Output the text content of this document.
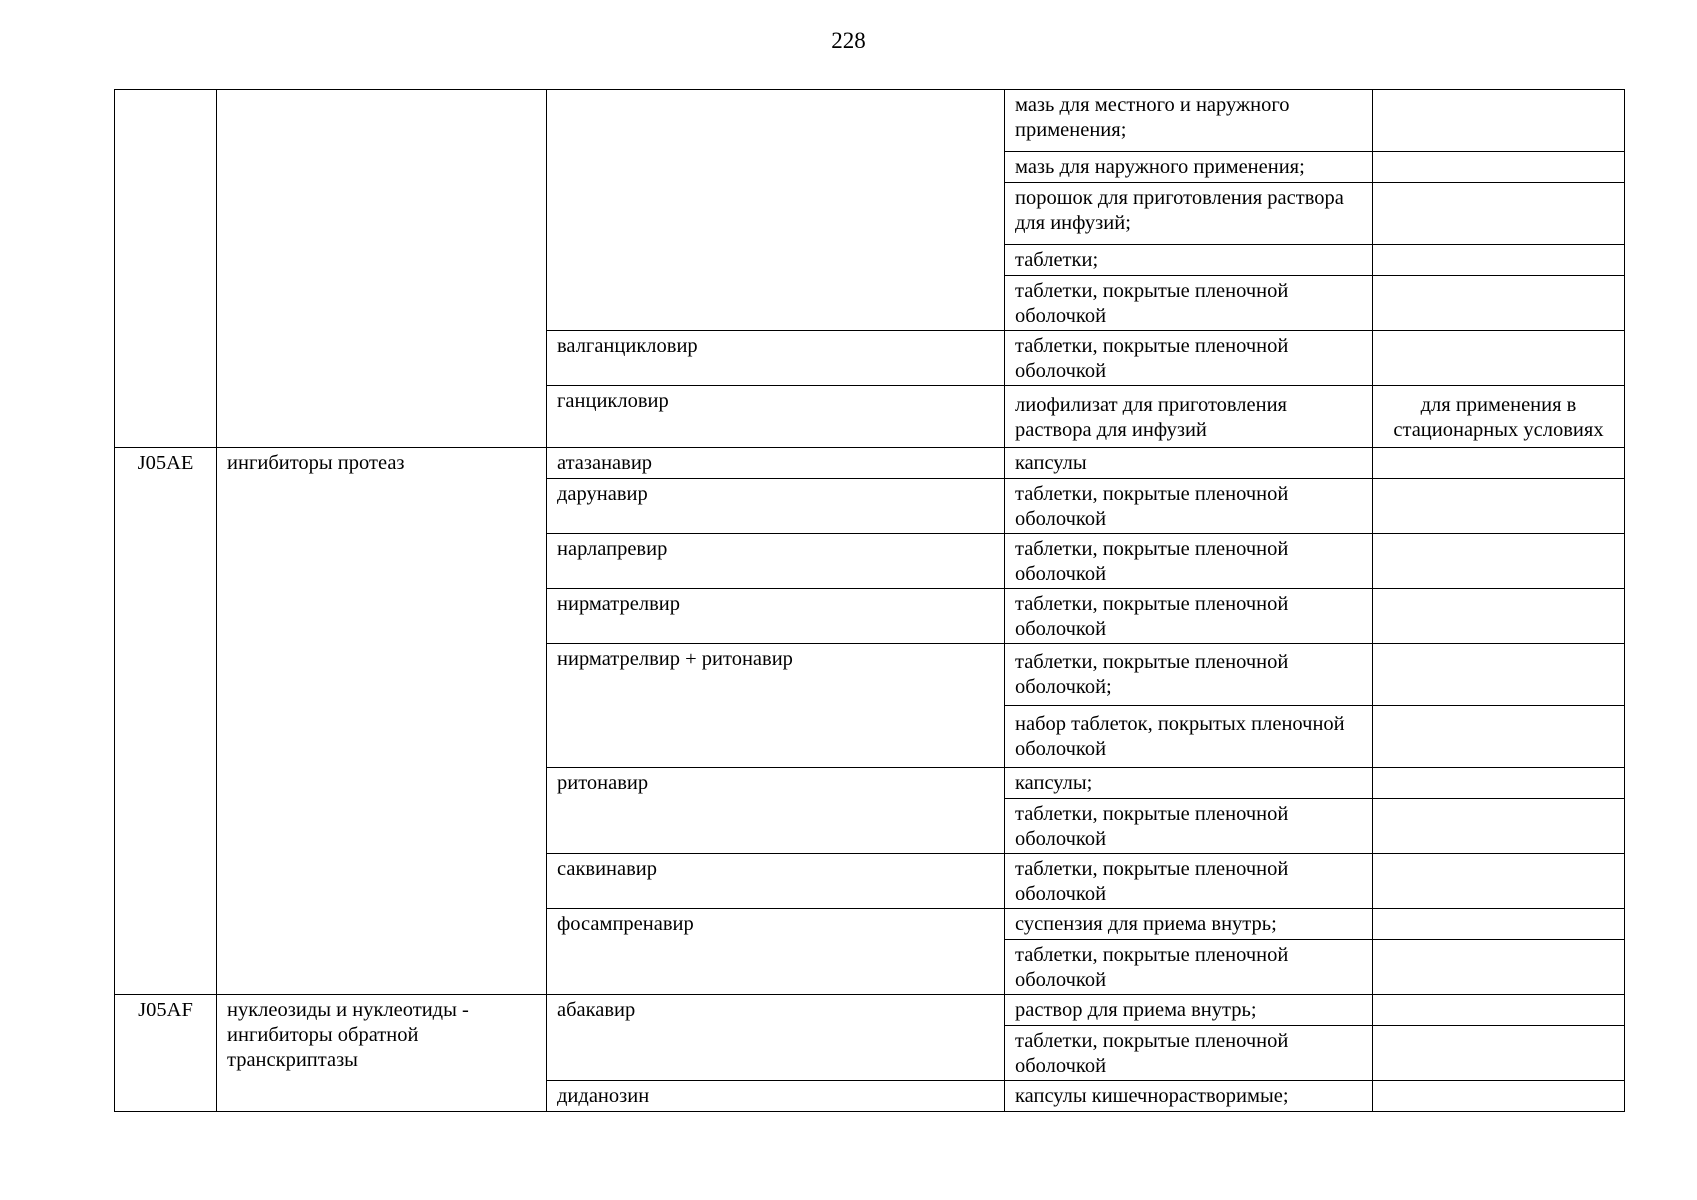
228
			мазь для местного и наружного применения;	
			мазь для наружного применения;	
			порошок для приготовления раствора для инфузий;	
			таблетки;	
			таблетки, покрытые пленочной оболочкой	
		валганцикловир	таблетки, покрытые пленочной оболочкой	
		ганцикловир	лиофилизат для приготовления раствора для инфузий	для применения в стационарных условиях
J05AE	ингибиторы протеаз	атазанавир	капсулы	
		дарунавир	таблетки, покрытые пленочной оболочкой	
		нарлапревир	таблетки, покрытые пленочной оболочкой	
		нирматрелвир	таблетки, покрытые пленочной оболочкой	
		нирматрелвир + ритонавир	таблетки, покрытые пленочной оболочкой;	
			набор таблеток, покрытых пленочной оболочкой	
		ритонавир	капсулы;	
			таблетки, покрытые пленочной оболочкой	
		саквинавир	таблетки, покрытые пленочной оболочкой	
		фосампренавир	суспензия для приема внутрь;	
			таблетки, покрытые пленочной оболочкой	
J05AF	нуклеозиды и нуклеотиды - ингибиторы обратной транскриптазы	абакавир	раствор для приема внутрь;	
			таблетки, покрытые пленочной оболочкой	
		диданозин	капсулы кишечнорастворимые;	
